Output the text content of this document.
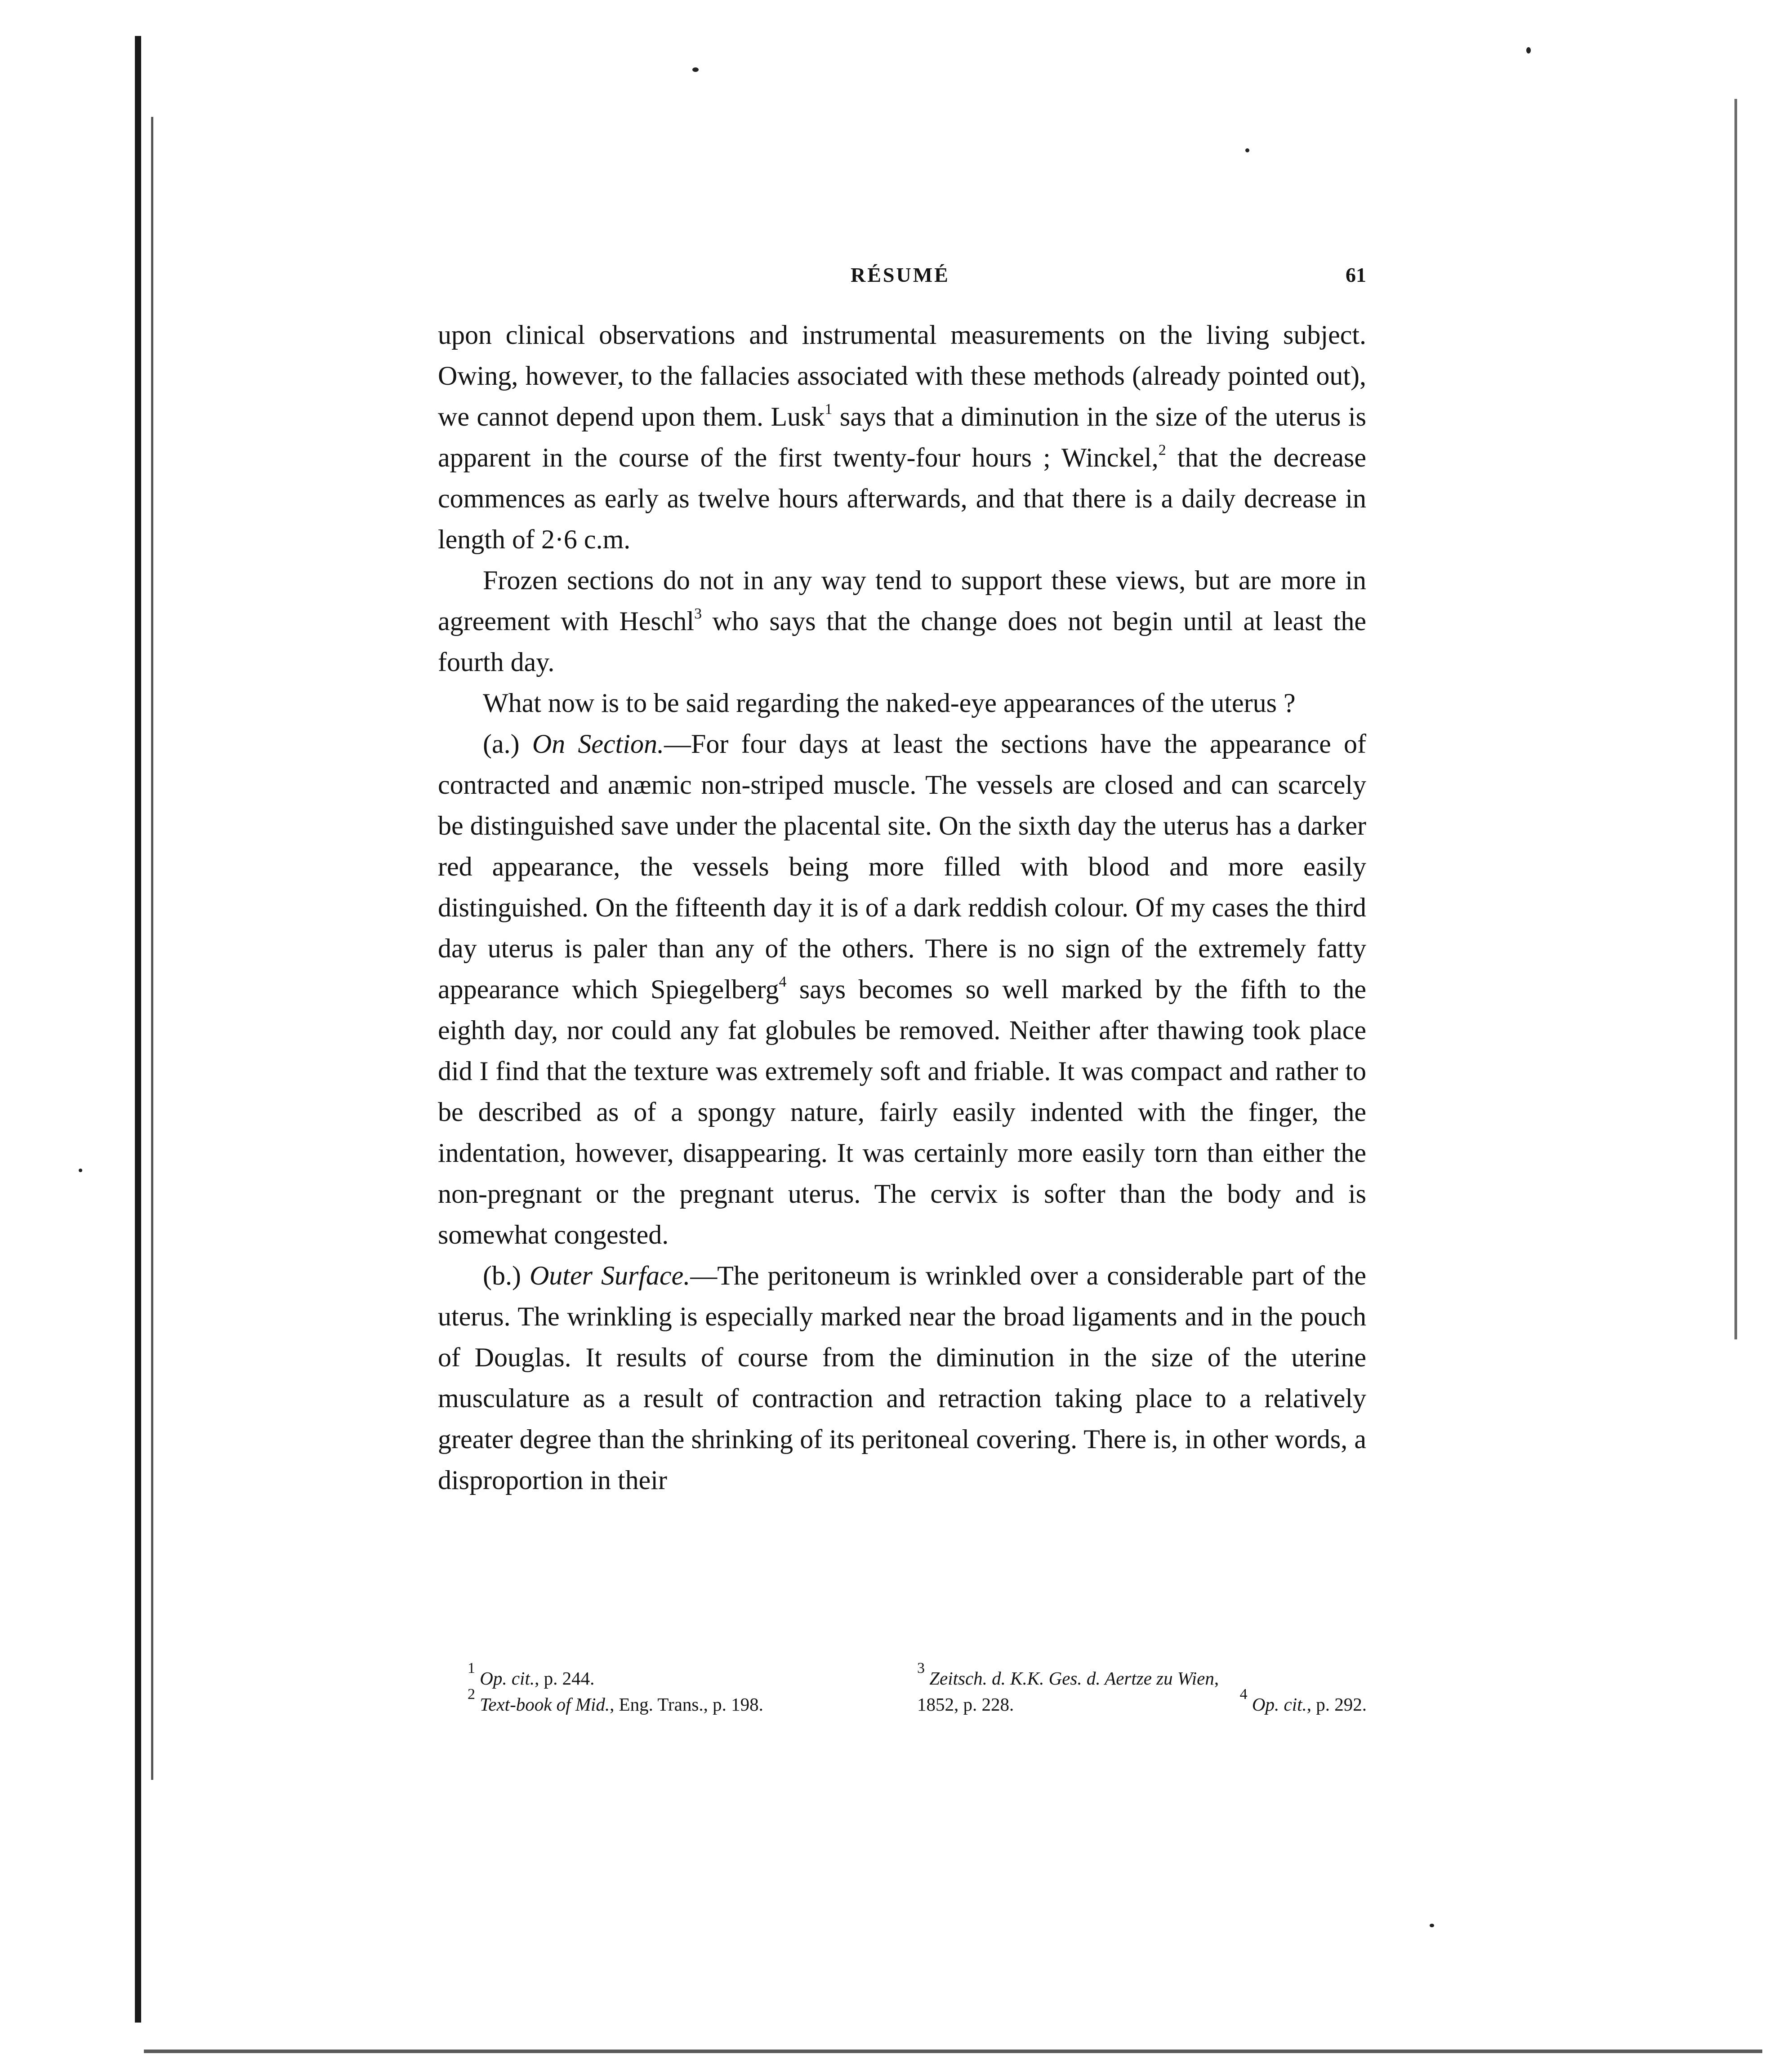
RÉSUMÉ	61

upon clinical observations and instrumental measurements on the living subject. Owing, however, to the fallacies associated with these methods (already pointed out), we cannot depend upon them. Lusk$^1$ says that a diminution in the size of the uterus is apparent in the course of the first twenty-four hours ; Winckel,$^2$ that the decrease commences as early as twelve hours afterwards, and that there is a daily decrease in length of 2·6 c.m.

Frozen sections do not in any way tend to support these views, but are more in agreement with Heschl$^3$ who says that the change does not begin until at least the fourth day.

What now is to be said regarding the naked-eye appearances of the uterus ?

(a.) On Section.—For four days at least the sections have the appearance of contracted and anæmic non-striped muscle. The vessels are closed and can scarcely be distinguished save under the placental site. On the sixth day the uterus has a darker red appearance, the vessels being more filled with blood and more easily distinguished. On the fifteenth day it is of a dark reddish colour. Of my cases the third day uterus is paler than any of the others. There is no sign of the extremely fatty appearance which Spiegelberg$^4$ says becomes so well marked by the fifth to the eighth day, nor could any fat globules be removed. Neither after thawing took place did I find that the texture was extremely soft and friable. It was compact and rather to be described as of a spongy nature, fairly easily indented with the finger, the indentation, however, disappearing. It was certainly more easily torn than either the non-pregnant or the pregnant uterus. The cervix is softer than the body and is somewhat congested.

(b.) Outer Surface.—The peritoneum is wrinkled over a considerable part of the uterus. The wrinkling is especially marked near the broad ligaments and in the pouch of Douglas. It results of course from the diminution in the size of the uterine musculature as a result of contraction and retraction taking place to a relatively greater degree than the shrinking of its peritoneal covering. There is, in other words, a disproportion in their

$^1$ Op. cit., p. 244.
$^2$ Text-book of Mid., Eng. Trans., p. 198.
$^3$ Zeitsch. d. K.K. Ges. d. Aertze zu Wien,
1852, p. 228.	$^4$ Op. cit., p. 292.
